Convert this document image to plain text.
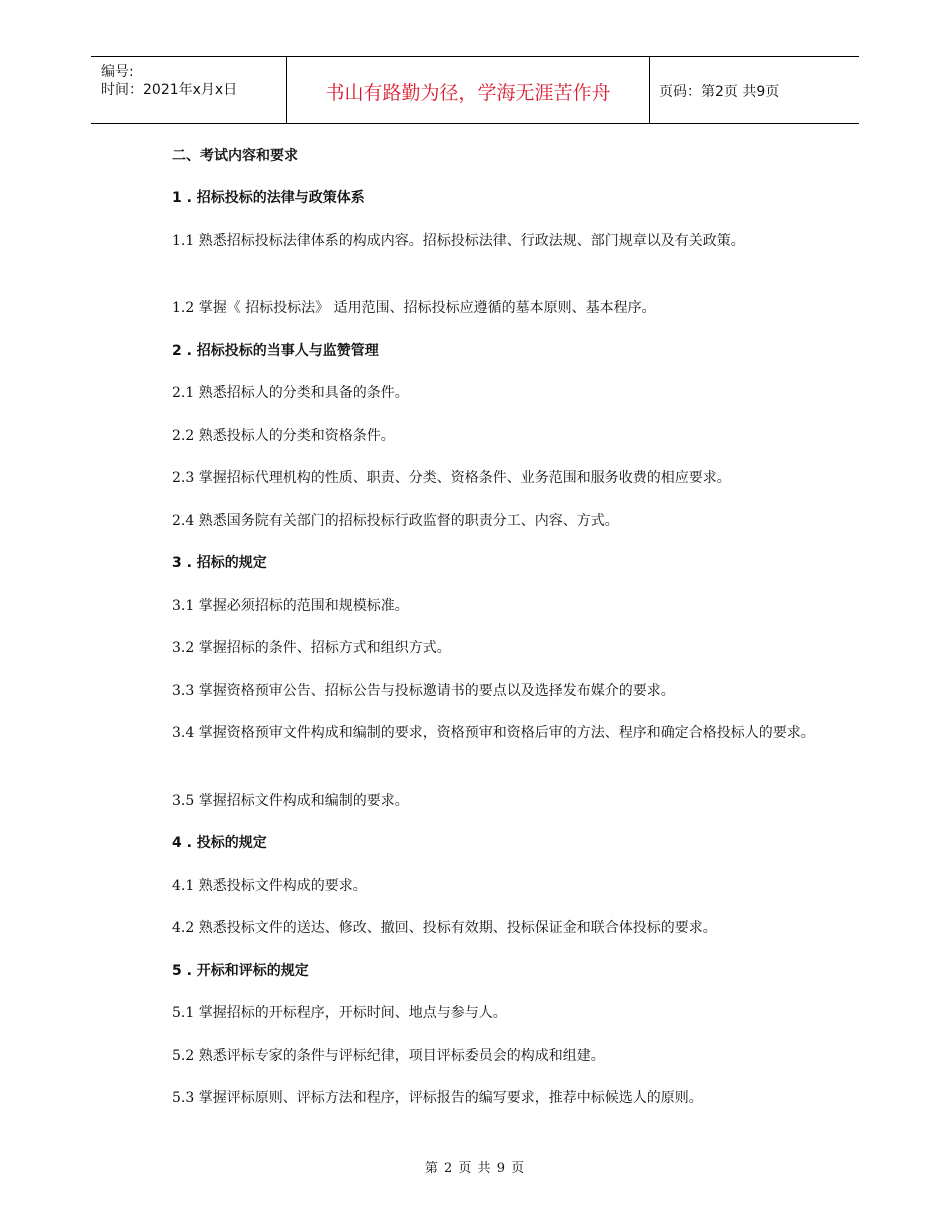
编号:
时间：2021年x月x日	书山有路勤为径，学海无涯苦作舟	页码：第2页 共9页
二、考试内容和要求
1 . 招标投标的法律与政策体系
1.1 熟悉招标投标法律体系的构成内容。招标投标法律、行政法规、部门规章以及有关政策。
1.2 掌握《 招标投标法》 适用范围、招标投标应遵循的墓本原则、基本程序。
2 . 招标投标的当事人与监赞管理
2.1 熟悉招标人的分类和具备的条件。
2.2 熟悉投标人的分类和资格条件。
2.3 掌握招标代理机构的性质、职责、分类、资格条件、业务范围和服务收费的相应要求。
2.4 熟悉国务院有关部门的招标投标行政监督的职责分工、内容、方式。
3 . 招标的规定
3.1 掌握必须招标的范围和规模标准。
3.2 掌握招标的条件、招标方式和组织方式。
3.3 掌握资格预审公告、招标公告与投标邀请书的要点以及选择发布媒介的要求。
3.4 掌握资格预审文件构成和编制的要求，资格预审和资格后审的方法、程序和确定合格投标人的要求。
3.5 掌握招标文件构成和编制的要求。
4 . 投标的规定
4.1 熟悉投标文件构成的要求。
4.2 熟悉投标文件的送达、修改、撤回、投标有效期、投标保证金和联合体投标的要求。
5 . 开标和评标的规定
5.1 掌握招标的开标程序，开标时间、地点与参与人。
5.2 熟悉评标专家的条件与评标纪律，项目评标委员会的构成和组建。
5.3 掌握评标原则、评标方法和程序，评标报告的编写要求，推荐中标候选人的原则。
第 2 页 共 9 页
